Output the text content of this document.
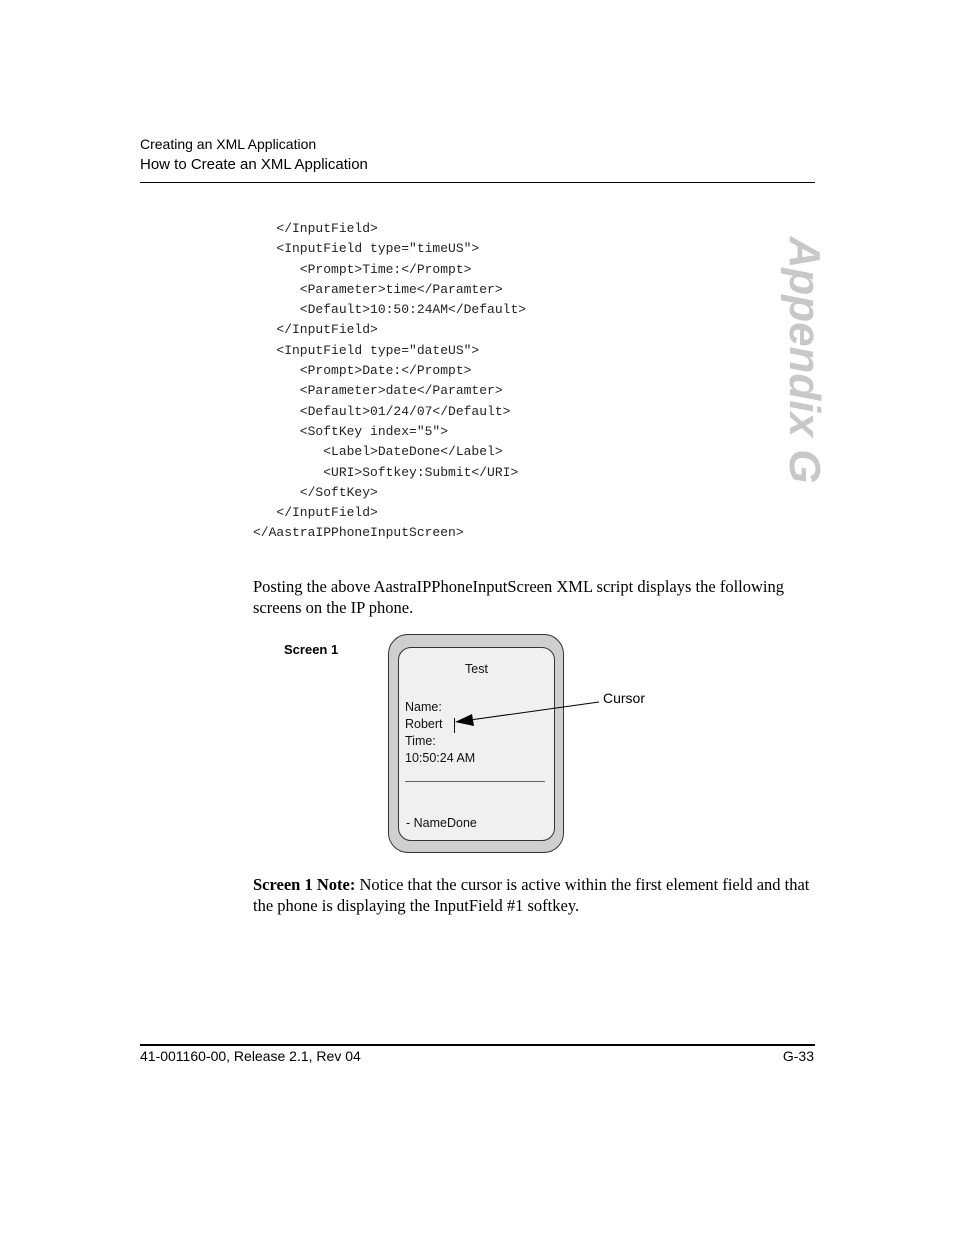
Creating an XML Application
How to Create an XML Application
Appendix G
</InputField>
<InputField type="timeUS">
<Prompt>Time:</Prompt>
<Parameter>time</Paramter>
<Default>10:50:24AM</Default>
</InputField>
<InputField type="dateUS">
<Prompt>Date:</Prompt>
<Parameter>date</Paramter>
<Default>01/24/07</Default>
<SoftKey index="5">
<Label>DateDone</Label>
<URI>Softkey:Submit</URI>
</SoftKey>
</InputField>
</AastraIPPhoneInputScreen>
Posting the above AastraIPPhoneInputScreen XML script displays the following screens on the IP phone.
Screen 1
Test
Name:
Robert
Time:
10:50:24 AM
- NameDone
Cursor
Screen 1 Note: Notice that the cursor is active within the first element field and that the phone is displaying the InputField #1 softkey.
41-001160-00, Release 2.1, Rev 04	G-33
